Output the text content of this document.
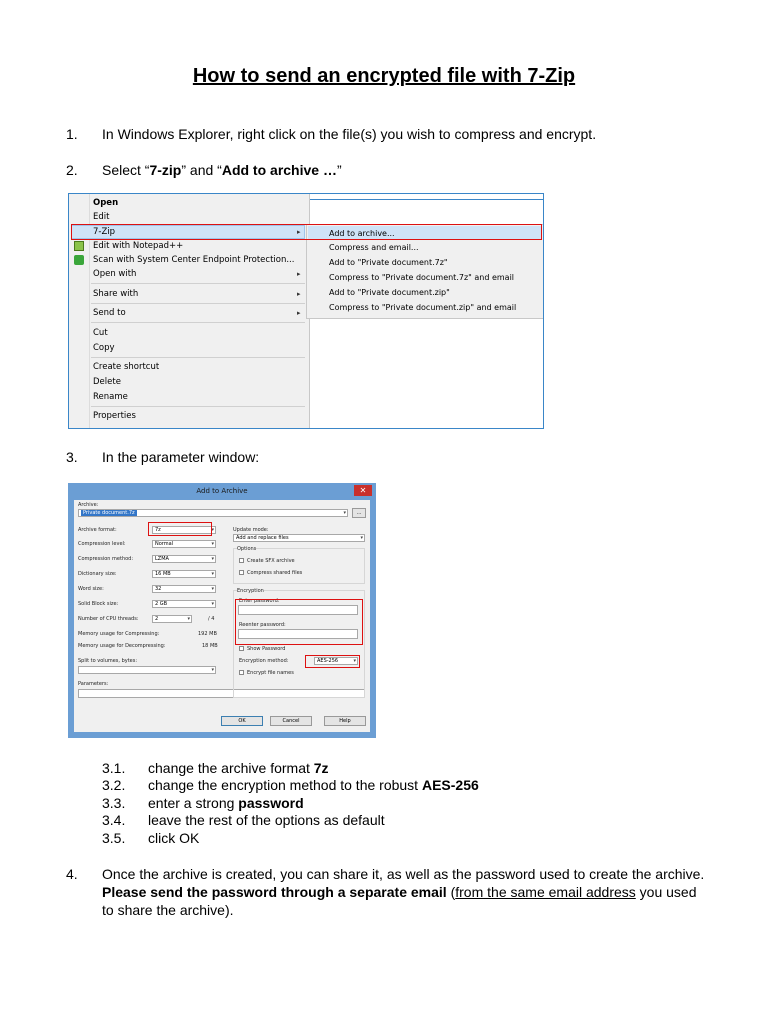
How to send an encrypted file with 7-Zip
1. In Windows Explorer, right click on the file(s) you wish to compress and encrypt.
2. Select “7-zip” and “Add to archive …”
Open
Edit
7-Zip	▸
Edit with Notepad++
Scan with System Center Endpoint Protection...
Open with	▸
Share with	▸
Send to	▸
Cut
Copy
Create shortcut
Delete
Rename
Properties
Add to archive...
Compress and email...
Add to "Private document.7z"
Compress to "Private document.7z" and email
Add to "Private document.zip"
Compress to "Private document.zip" and email
3. In the parameter window:
Add to Archive	✕
Archive:
Private document.7z	▾	...
Archive format:	7z	▾
Compression level:	Normal	▾
Compression method:	LZMA	▾
Dictionary size:	16 MB	▾
Word size:	32	▾
Solid Block size:	2 GB	▾
Number of CPU threads:	2	▾	/ 4
Memory usage for Compressing:	192 MB
Memory usage for Decompressing:	18 MB
Split to volumes, bytes:
▾
Parameters:
Update mode:
Add and replace files	▾
Options
Create SFX archive
Compress shared files
Encryption
Enter password:
Reenter password:
Show Password
Encryption method:	AES-256	▾
Encrypt file names
OK	Cancel	Help
3.1. change the archive format 7z
3.2. change the encryption method to the robust AES-256
3.3. enter a strong password
3.4. leave the rest of the options as default
3.5. click OK
4. Once the archive is created, you can share it, as well as the password used to create the archive.
Please send the password through a separate email (from the same email address you used
to share the archive).
